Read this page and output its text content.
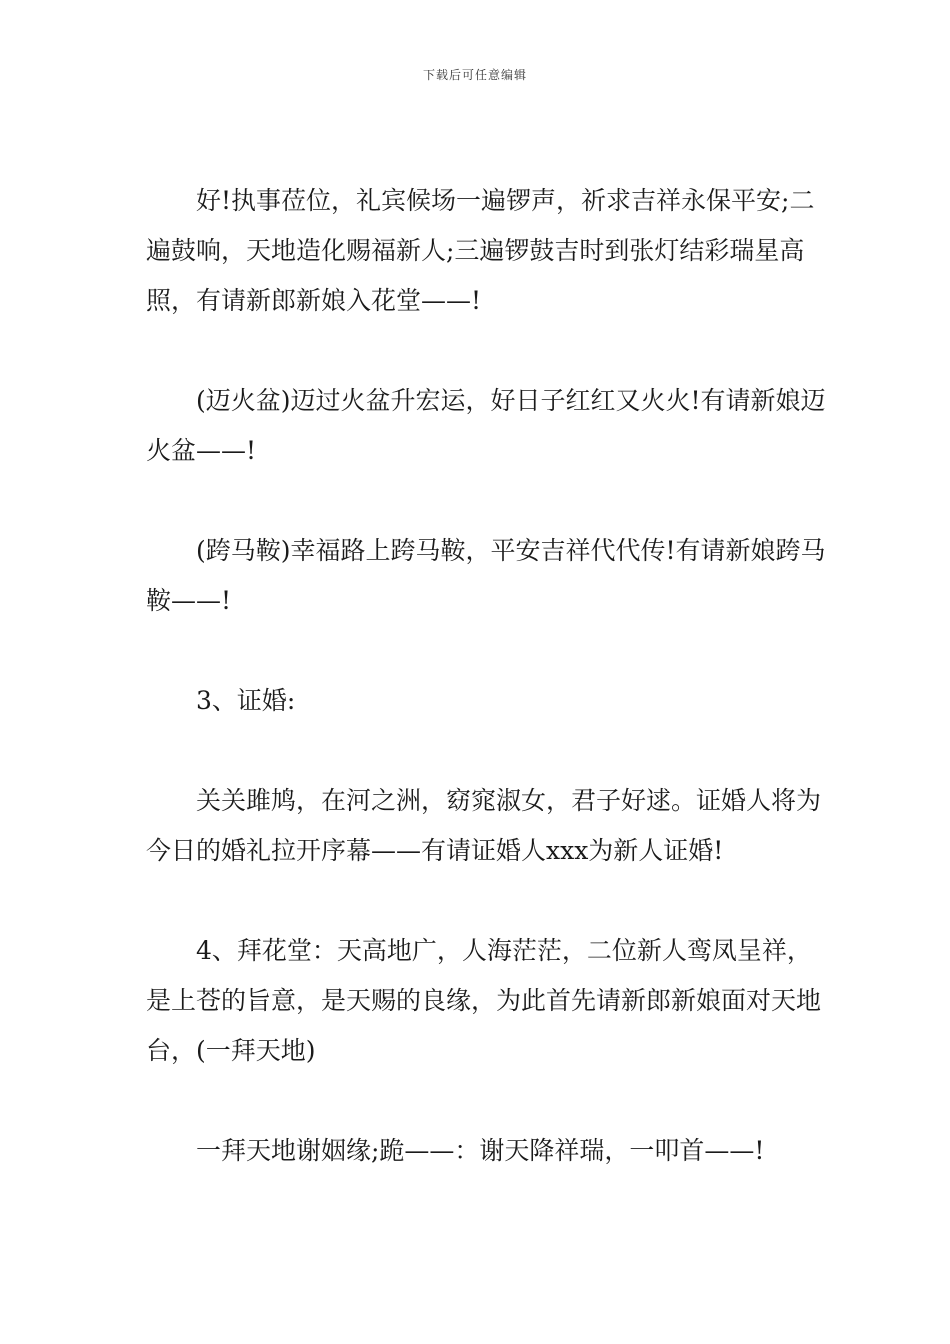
下载后可任意编辑

好!执事莅位，礼宾候场一遍锣声，祈求吉祥永保平安;二遍鼓响，天地造化赐福新人;三遍锣鼓吉时到张灯结彩瑞星高照，有请新郎新娘入花堂——!

(迈火盆)迈过火盆升宏运，好日子红红又火火!有请新娘迈火盆——!

(跨马鞍)幸福路上跨马鞍，平安吉祥代代传!有请新娘跨马鞍——!

3、证婚:

关关雎鸠，在河之洲，窈窕淑女，君子好逑。证婚人将为今日的婚礼拉开序幕——有请证婚人xxx为新人证婚!

4、拜花堂：天高地广，人海茫茫，二位新人鸾凤呈祥，是上苍的旨意，是天赐的良缘，为此首先请新郎新娘面对天地台，(一拜天地)

一拜天地谢姻缘;跪——：谢天降祥瑞，一叩首——!
